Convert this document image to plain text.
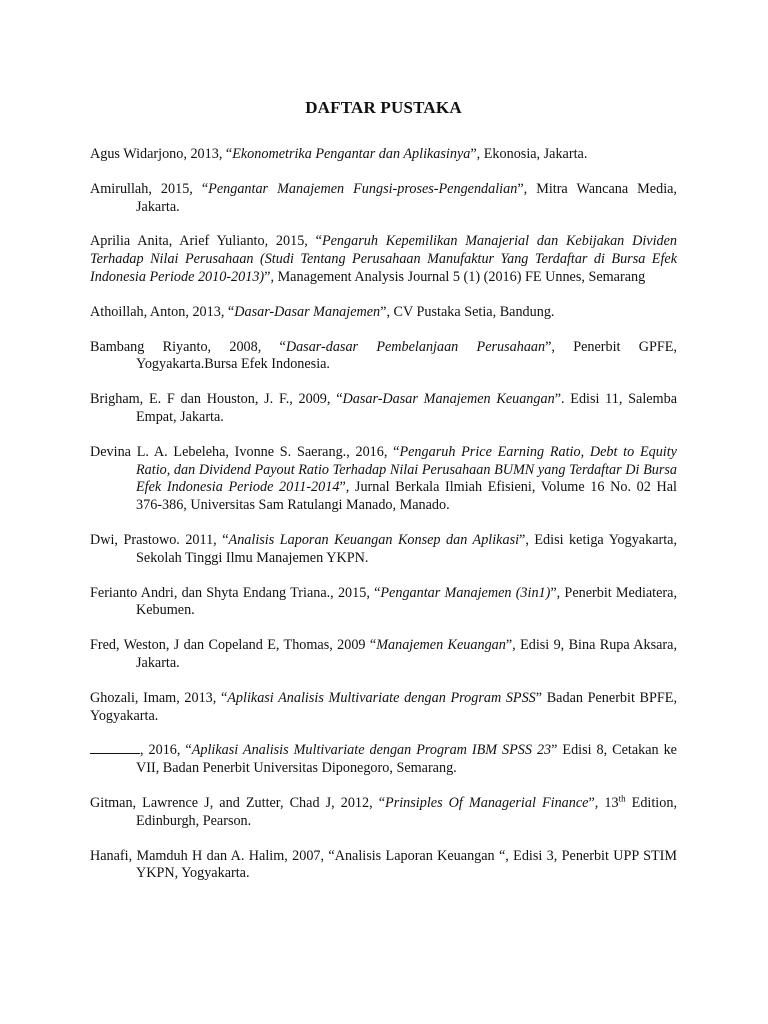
DAFTAR PUSTAKA
Agus Widarjono, 2013, “Ekonometrika Pengantar dan Aplikasinya”, Ekonosia, Jakarta.
Amirullah, 2015, “Pengantar Manajemen Fungsi-proses-Pengendalian”, Mitra Wancana Media, Jakarta.
Aprilia Anita, Arief Yulianto, 2015, “Pengaruh Kepemilikan Manajerial dan Kebijakan Dividen Terhadap Nilai Perusahaan (Studi Tentang Perusahaan Manufaktur Yang Terdaftar di Bursa Efek Indonesia Periode 2010-2013)”, Management Analysis Journal 5 (1) (2016) FE Unnes, Semarang
Athoillah, Anton, 2013, “Dasar-Dasar Manajemen”, CV Pustaka Setia, Bandung.
Bambang Riyanto, 2008, “Dasar-dasar Pembelanjaan Perusahaan”, Penerbit GPFE, Yogyakarta.Bursa Efek Indonesia.
Brigham, E. F dan Houston, J. F., 2009, “Dasar-Dasar Manajemen Keuangan”. Edisi 11, Salemba Empat, Jakarta.
Devina L. A. Lebeleha, Ivonne S. Saerang., 2016, “Pengaruh Price Earning Ratio, Debt to Equity Ratio, dan Dividend Payout Ratio Terhadap Nilai Perusahaan BUMN yang Terdaftar Di Bursa Efek Indonesia Periode 2011-2014”, Jurnal Berkala Ilmiah Efisieni, Volume 16 No. 02 Hal 376-386, Universitas Sam Ratulangi Manado, Manado.
Dwi, Prastowo. 2011, “Analisis Laporan Keuangan Konsep dan Aplikasi”, Edisi ketiga Yogyakarta, Sekolah Tinggi Ilmu Manajemen YKPN.
Ferianto Andri, dan Shyta Endang Triana., 2015, “Pengantar Manajemen (3in1)”, Penerbit Mediatera, Kebumen.
Fred, Weston, J dan Copeland E, Thomas, 2009 “Manajemen Keuangan”, Edisi 9, Bina Rupa Aksara, Jakarta.
Ghozali, Imam, 2013, “Aplikasi Analisis Multivariate dengan Program SPSS” Badan Penerbit BPFE, Yogyakarta.
, 2016, “Aplikasi Analisis Multivariate dengan Program IBM SPSS 23” Edisi 8, Cetakan ke VII, Badan Penerbit Universitas Diponegoro, Semarang.
Gitman, Lawrence J, and Zutter, Chad J, 2012, “Prinsiples Of Managerial Finance”, 13th Edition, Edinburgh, Pearson.
Hanafi, Mamduh H dan A. Halim, 2007, “Analisis Laporan Keuangan “, Edisi 3, Penerbit UPP STIM YKPN, Yogyakarta.
